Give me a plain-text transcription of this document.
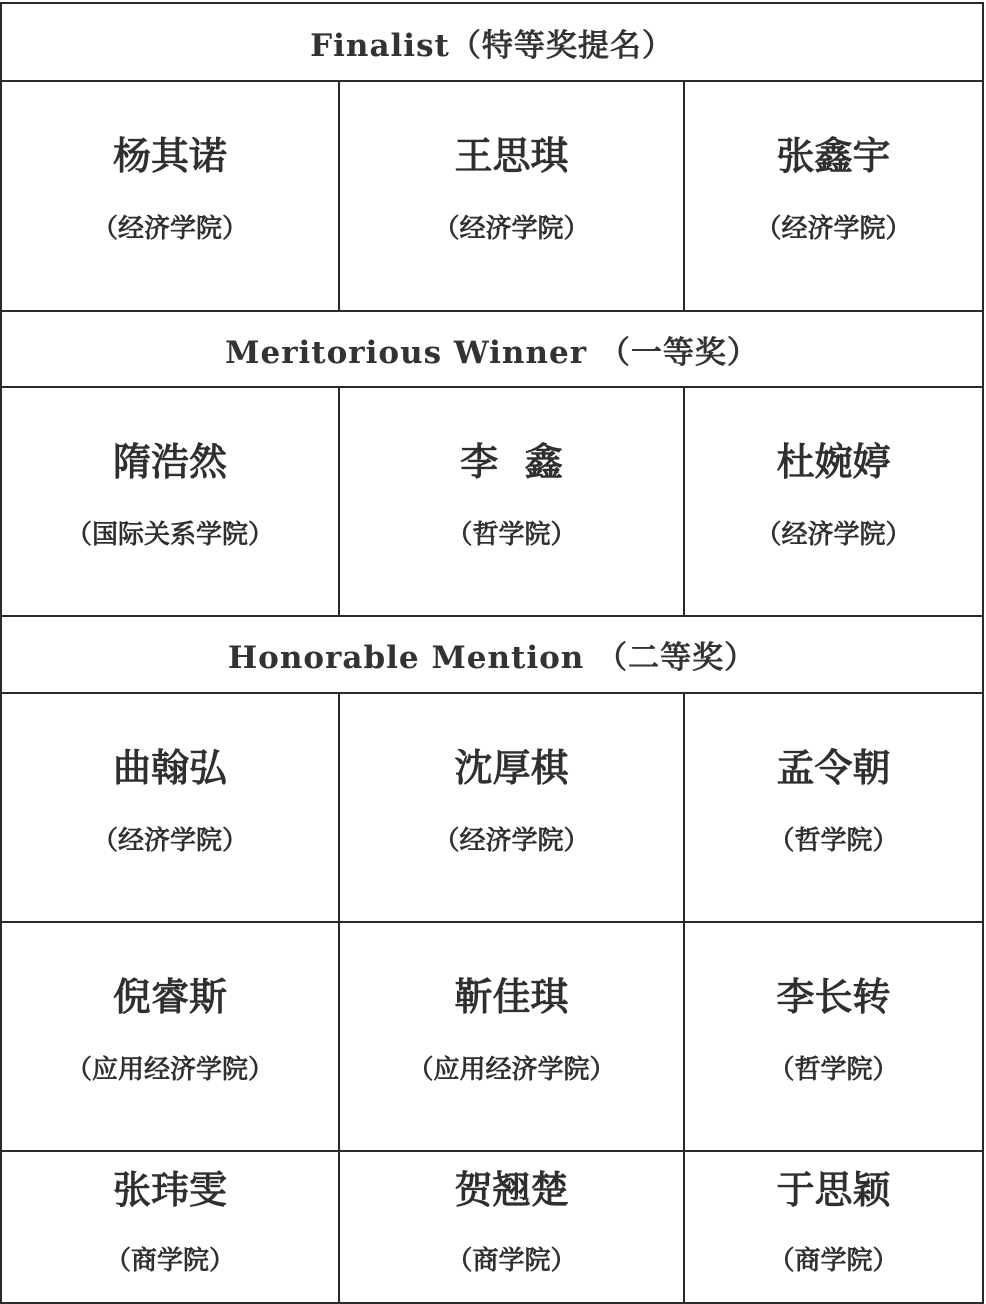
Finalist（特等奖提名）
Meritorious Winner （一等奖）
Honorable Mention （二等奖）
杨其诺
（经济学院）
王思琪
（经济学院）
张鑫宇
（经济学院）
隋浩然
（国际关系学院）
李  鑫
（哲学院）
杜婉婷
（经济学院）
曲翰弘
（经济学院）
沈厚棋
（经济学院）
孟令朝
（哲学院）
倪睿斯
（应用经济学院）
靳佳琪
（应用经济学院）
李长转
（哲学院）
张玮雯
（商学院）
贺翘楚
（商学院）
于思颖
（商学院）
